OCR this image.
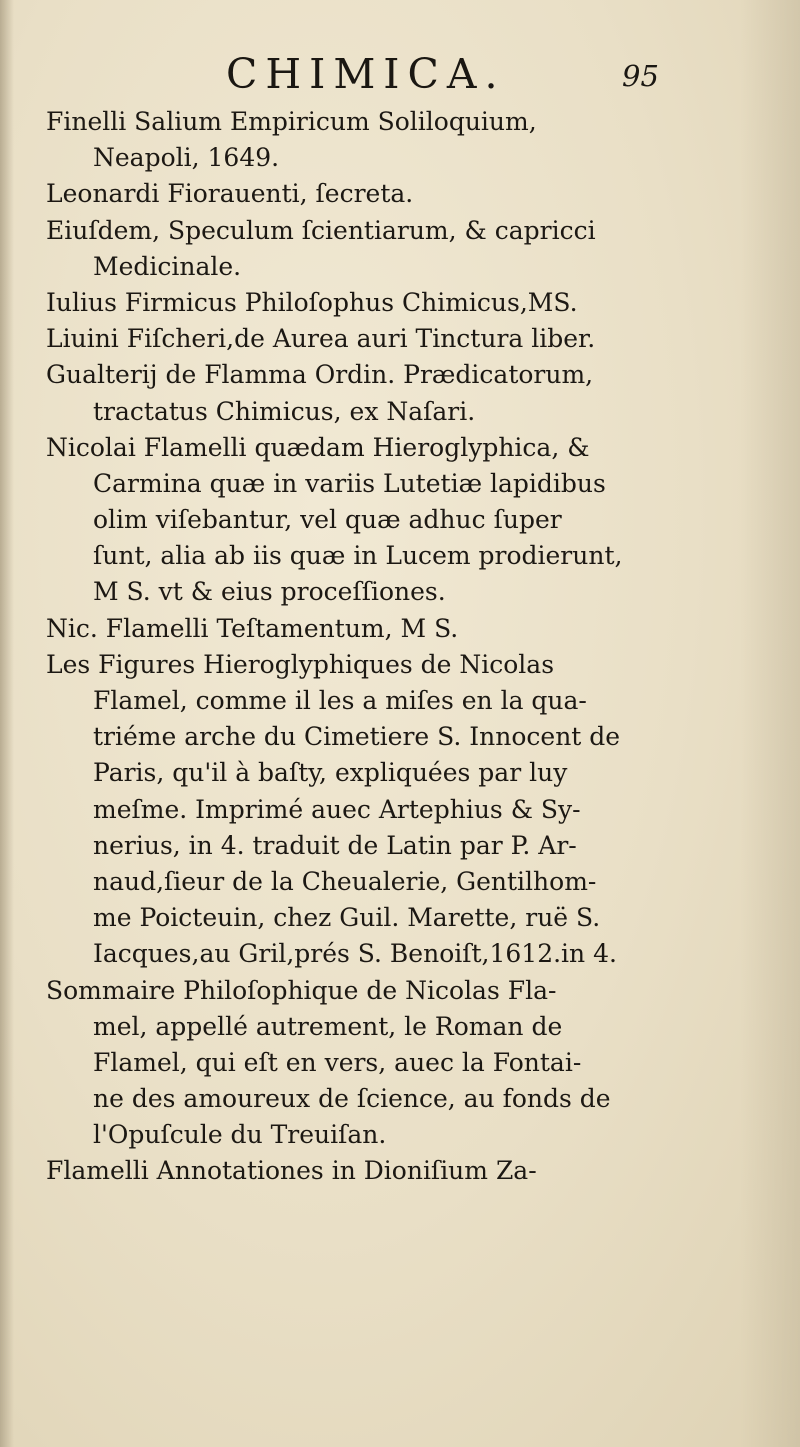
CHIMICA.	95
Finelli Salium Empiricum Soliloquium,
Neapoli, 1649.
Leonardi Fiorauenti, ſecreta.
Eiuſdem, Speculum ſcientiarum, & capricci
Medicinale.
Iulius Firmicus Philoſophus Chimicus,MS.
Liuini Fiſcheri,de Aurea auri Tinctura liber.
Gualterij de Flamma Ordin. Prædicatorum,
tractatus Chimicus, ex Naſari.
Nicolai Flamelli quædam Hieroglyphica, &
Carmina quæ in variis Lutetiæ lapidibus
olim viſebantur, vel quæ adhuc ſuper
ſunt, alia ab iis quæ in Lucem prodierunt,
M S. vt & eius proceſſiones.
Nic. Flamelli Teſtamentum, M S.
Les Figures Hieroglyphiques de Nicolas
Flamel, comme il les a miſes en la qua-
triéme arche du Cimetiere S. Innocent de
Paris, qu'il à baſty, expliquées par luy
meſme. Imprimé auec Artephius & Sy-
nerius, in 4. traduit de Latin par P. Ar-
naud,ſieur de la Cheualerie, Gentilhom-
me Poicteuin, chez Guil. Marette, ruë S.
Iacques,au Gril,prés S. Benoiſt,1612.in 4.
Sommaire Philoſophique de Nicolas Fla-
mel, appellé autrement, le Roman de
Flamel, qui eſt en vers, auec la Fontai-
ne des amoureux de ſcience, au fonds de
l'Opuſcule du Treuiſan.
Flamelli Annotationes in Dioniſium Za-
